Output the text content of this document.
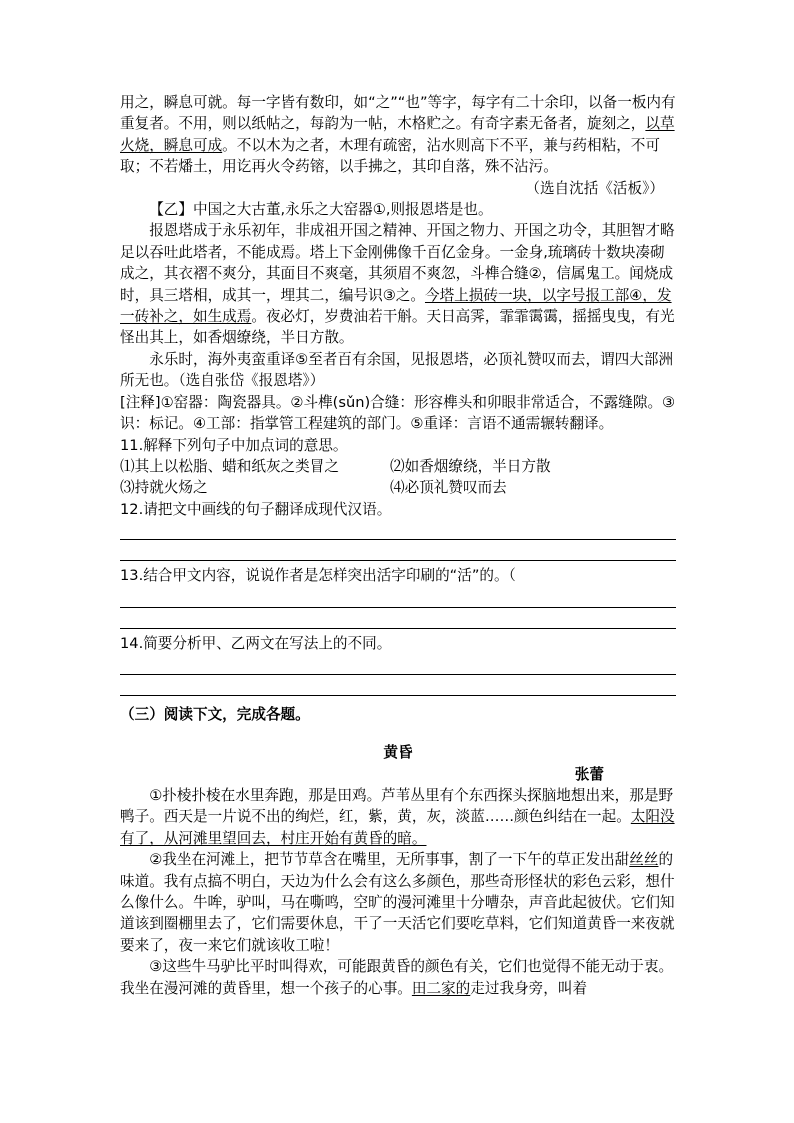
用之，瞬息可就。每一字皆有数印，如“之”“也”等字，每字有二十余印，以备一板内有重复者。不用，则以纸帖之，每韵为一帖，木格贮之。有奇字素无备者，旋刻之，以草火烧，瞬息可成。不以木为之者，木理有疏密，沾水则高下不平，兼与药相粘，不可取；不若燔土，用讫再火令药镕，以手拂之，其印自落，殊不沾污。

（选自沈括《活板》）

【乙】中国之大古董,永乐之大窑器①,则报恩塔是也。

报恩塔成于永乐初年，非成祖开国之精神、开国之物力、开国之功令，其胆智才略足以吞吐此塔者，不能成焉。塔上下金刚佛像千百亿金身。一金身,琉璃砖十数块凑砌成之，其衣褶不爽分，其面目不爽毫，其须眉不爽忽，斗榫合缝②，信属鬼工。闻烧成时，具三塔相，成其一，埋其二，编号识③之。今塔上损砖一块，以字号报工部④，发一砖补之，如生成焉。夜必灯，岁费油若干斛。天日高霁，霏霏霭霭，摇摇曳曳，有光怪出其上，如香烟缭绕，半日方散。

永乐时，海外夷蛮重译⑤至者百有余国，见报恩塔，必顶礼赞叹而去，谓四大部洲所无也。（选自张岱《报恩塔》）

[注释]①窑器：陶瓷器具。②斗榫(sǔn)合缝：形容榫头和卯眼非常适合，不露缝隙。③识：标记。④工部：指掌管工程建筑的部门。⑤重译：言语不通需辗转翻译。

11.解释下列句子中加点词的意思。

⑴其上以松脂、蜡和纸灰之类冒之	⑵如香烟缭绕，半日方散
⑶持就火炀之	⑷必顶礼赞叹而去

12.请把文中画线的句子翻译成现代汉语。

13.结合甲文内容，说说作者是怎样突出活字印刷的“活”的。（

14.简要分析甲、乙两文在写法上的不同。

（三）阅读下文，完成各题。
黄昏
张蕾

①扑棱扑棱在水里奔跑，那是田鸡。芦苇丛里有个东西探头探脑地想出来，那是野鸭子。西天是一片说不出的绚烂，红，紫，黄，灰，淡蓝……颜色纠结在一起。太阳没有了，从河滩里望回去，村庄开始有黄昏的暗。

②我坐在河滩上，把节节草含在嘴里，无所事事，割了一下午的草正发出甜丝丝的味道。我有点搞不明白，天边为什么会有这么多颜色，那些奇形怪状的彩色云彩，想什么像什么。牛哞，驴叫，马在嘶鸣，空旷的漫河滩里十分嘈杂，声音此起彼伏。它们知道该到圈棚里去了，它们需要休息，干了一天活它们要吃草料，它们知道黄昏一来夜就要来了，夜一来它们就该收工啦！

③这些牛马驴比平时叫得欢，可能跟黄昏的颜色有关，它们也觉得不能无动于衷。我坐在漫河滩的黄昏里，想一个孩子的心事。田二家的走过我身旁，叫着
